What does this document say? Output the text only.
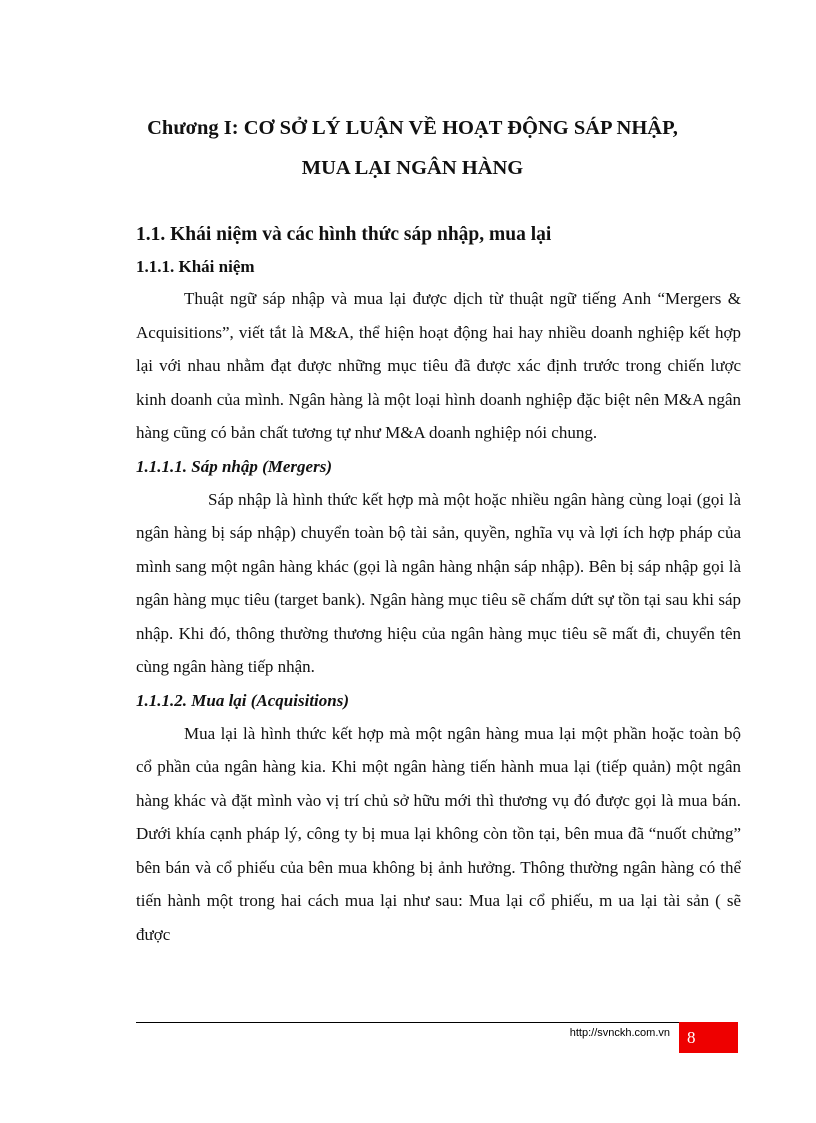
Chương I: CƠ SỞ LÝ LUẬN VỀ HOẠT ĐỘNG SÁP NHẬP,
MUA LẠI NGÂN HÀNG
1.1. Khái niệm và các hình thức sáp nhập, mua lại
1.1.1. Khái niệm

Thuật ngữ sáp nhập và mua lại được dịch từ thuật ngữ tiếng Anh “Mergers & Acquisitions”, viết tắt là M&A, thể hiện hoạt động hai hay nhiều doanh nghiệp kết hợp lại với nhau nhằm đạt được những mục tiêu đã được xác định trước trong chiến lược kinh doanh của mình. Ngân hàng là một loại hình doanh nghiệp đặc biệt nên M&A ngân hàng cũng có bản chất tương tự như M&A doanh nghiệp nói chung.

1.1.1.1. Sáp nhập (Mergers)

Sáp nhập là hình thức kết hợp mà một hoặc nhiều ngân hàng cùng loại (gọi là ngân hàng bị sáp nhập) chuyển toàn bộ tài sản, quyền, nghĩa vụ và lợi ích hợp pháp của mình sang một ngân hàng khác (gọi là ngân hàng nhận sáp nhập). Bên bị sáp nhập gọi là ngân hàng mục tiêu (target bank). Ngân hàng mục tiêu sẽ chấm dứt sự tồn tại sau khi sáp nhập. Khi đó, thông thường thương hiệu của ngân hàng mục tiêu sẽ mất đi, chuyển tên cùng ngân hàng tiếp nhận.

1.1.1.2. Mua lại (Acquisitions)

Mua lại là hình thức kết hợp mà một ngân hàng mua lại một phần hoặc toàn bộ cổ phần của ngân hàng kia. Khi một ngân hàng tiến hành mua lại (tiếp quản) một ngân hàng khác và đặt mình vào vị trí chủ sở hữu mới thì thương vụ đó được gọi là mua bán. Dưới khía cạnh pháp lý, công ty bị mua lại không còn tồn tại, bên mua đã “nuốt chửng” bên bán và cổ phiếu của bên mua không bị ảnh hưởng. Thông thường ngân hàng có thể tiến hành một trong hai cách mua lại như sau: Mua lại cổ phiếu, m ua lại tài sản ( sẽ được

http://svnckh.com.vn	8
